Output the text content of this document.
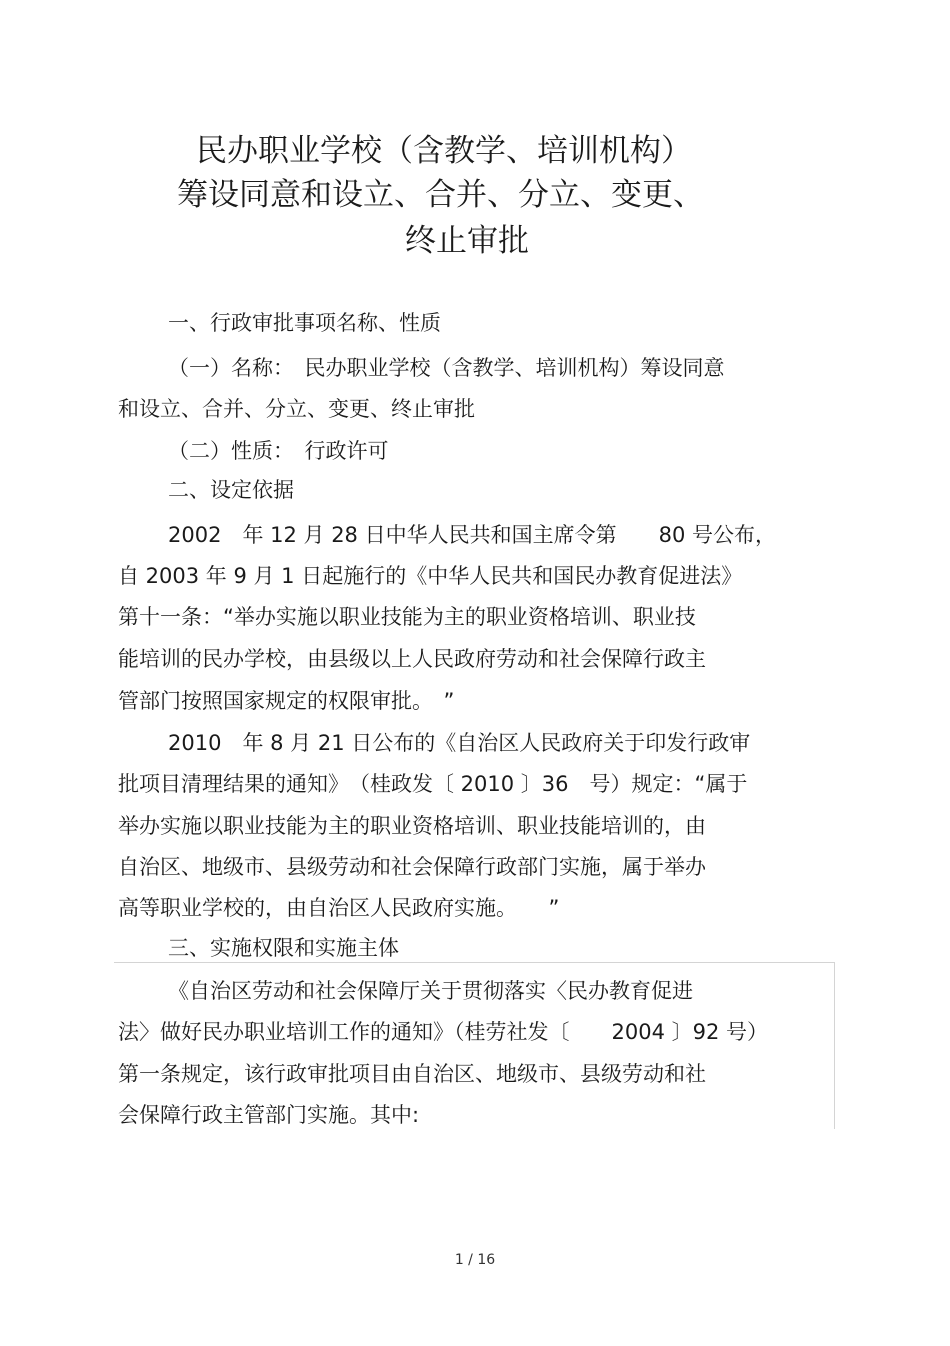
民办职业学校（含教学、培训机构）
筹设同意和设立、合并、分立、变更、
终止审批
一、行政审批事项名称、性质
（一）名称：　民办职业学校（含教学、培训机构）筹设同意
和设立、合并、分立、变更、终止审批
（二）性质：　行政许可
二、设定依据
2002　年 12 月 28 日中华人民共和国主席令第　　80 号公布，
自 2003 年 9 月 1 日起施行的《中华人民共和国民办教育促进法》
第十一条：“举办实施以职业技能为主的职业资格培训、职业技
能培训的民办学校，由县级以上人民政府劳动和社会保障行政主
管部门按照国家规定的权限审批。　”
2010　年 8 月 21 日公布的《自治区人民政府关于印发行政审
批项目清理结果的通知》　（桂政发〔 2010 〕36　号）规定：“属于
举办实施以职业技能为主的职业资格培训、职业技能培训的，由
自治区、地级市、县级劳动和社会保障行政部门实施，属于举办
高等职业学校的，由自治区人民政府实施。　　”
三、实施权限和实施主体
《自治区劳动和社会保障厅关于贯彻落实〈民办教育促进
法〉做好民办职业培训工作的通知》（桂劳社发〔　　2004 〕92 号）
第一条规定，该行政审批项目由自治区、地级市、县级劳动和社
会保障行政主管部门实施。其中:
1 / 16
